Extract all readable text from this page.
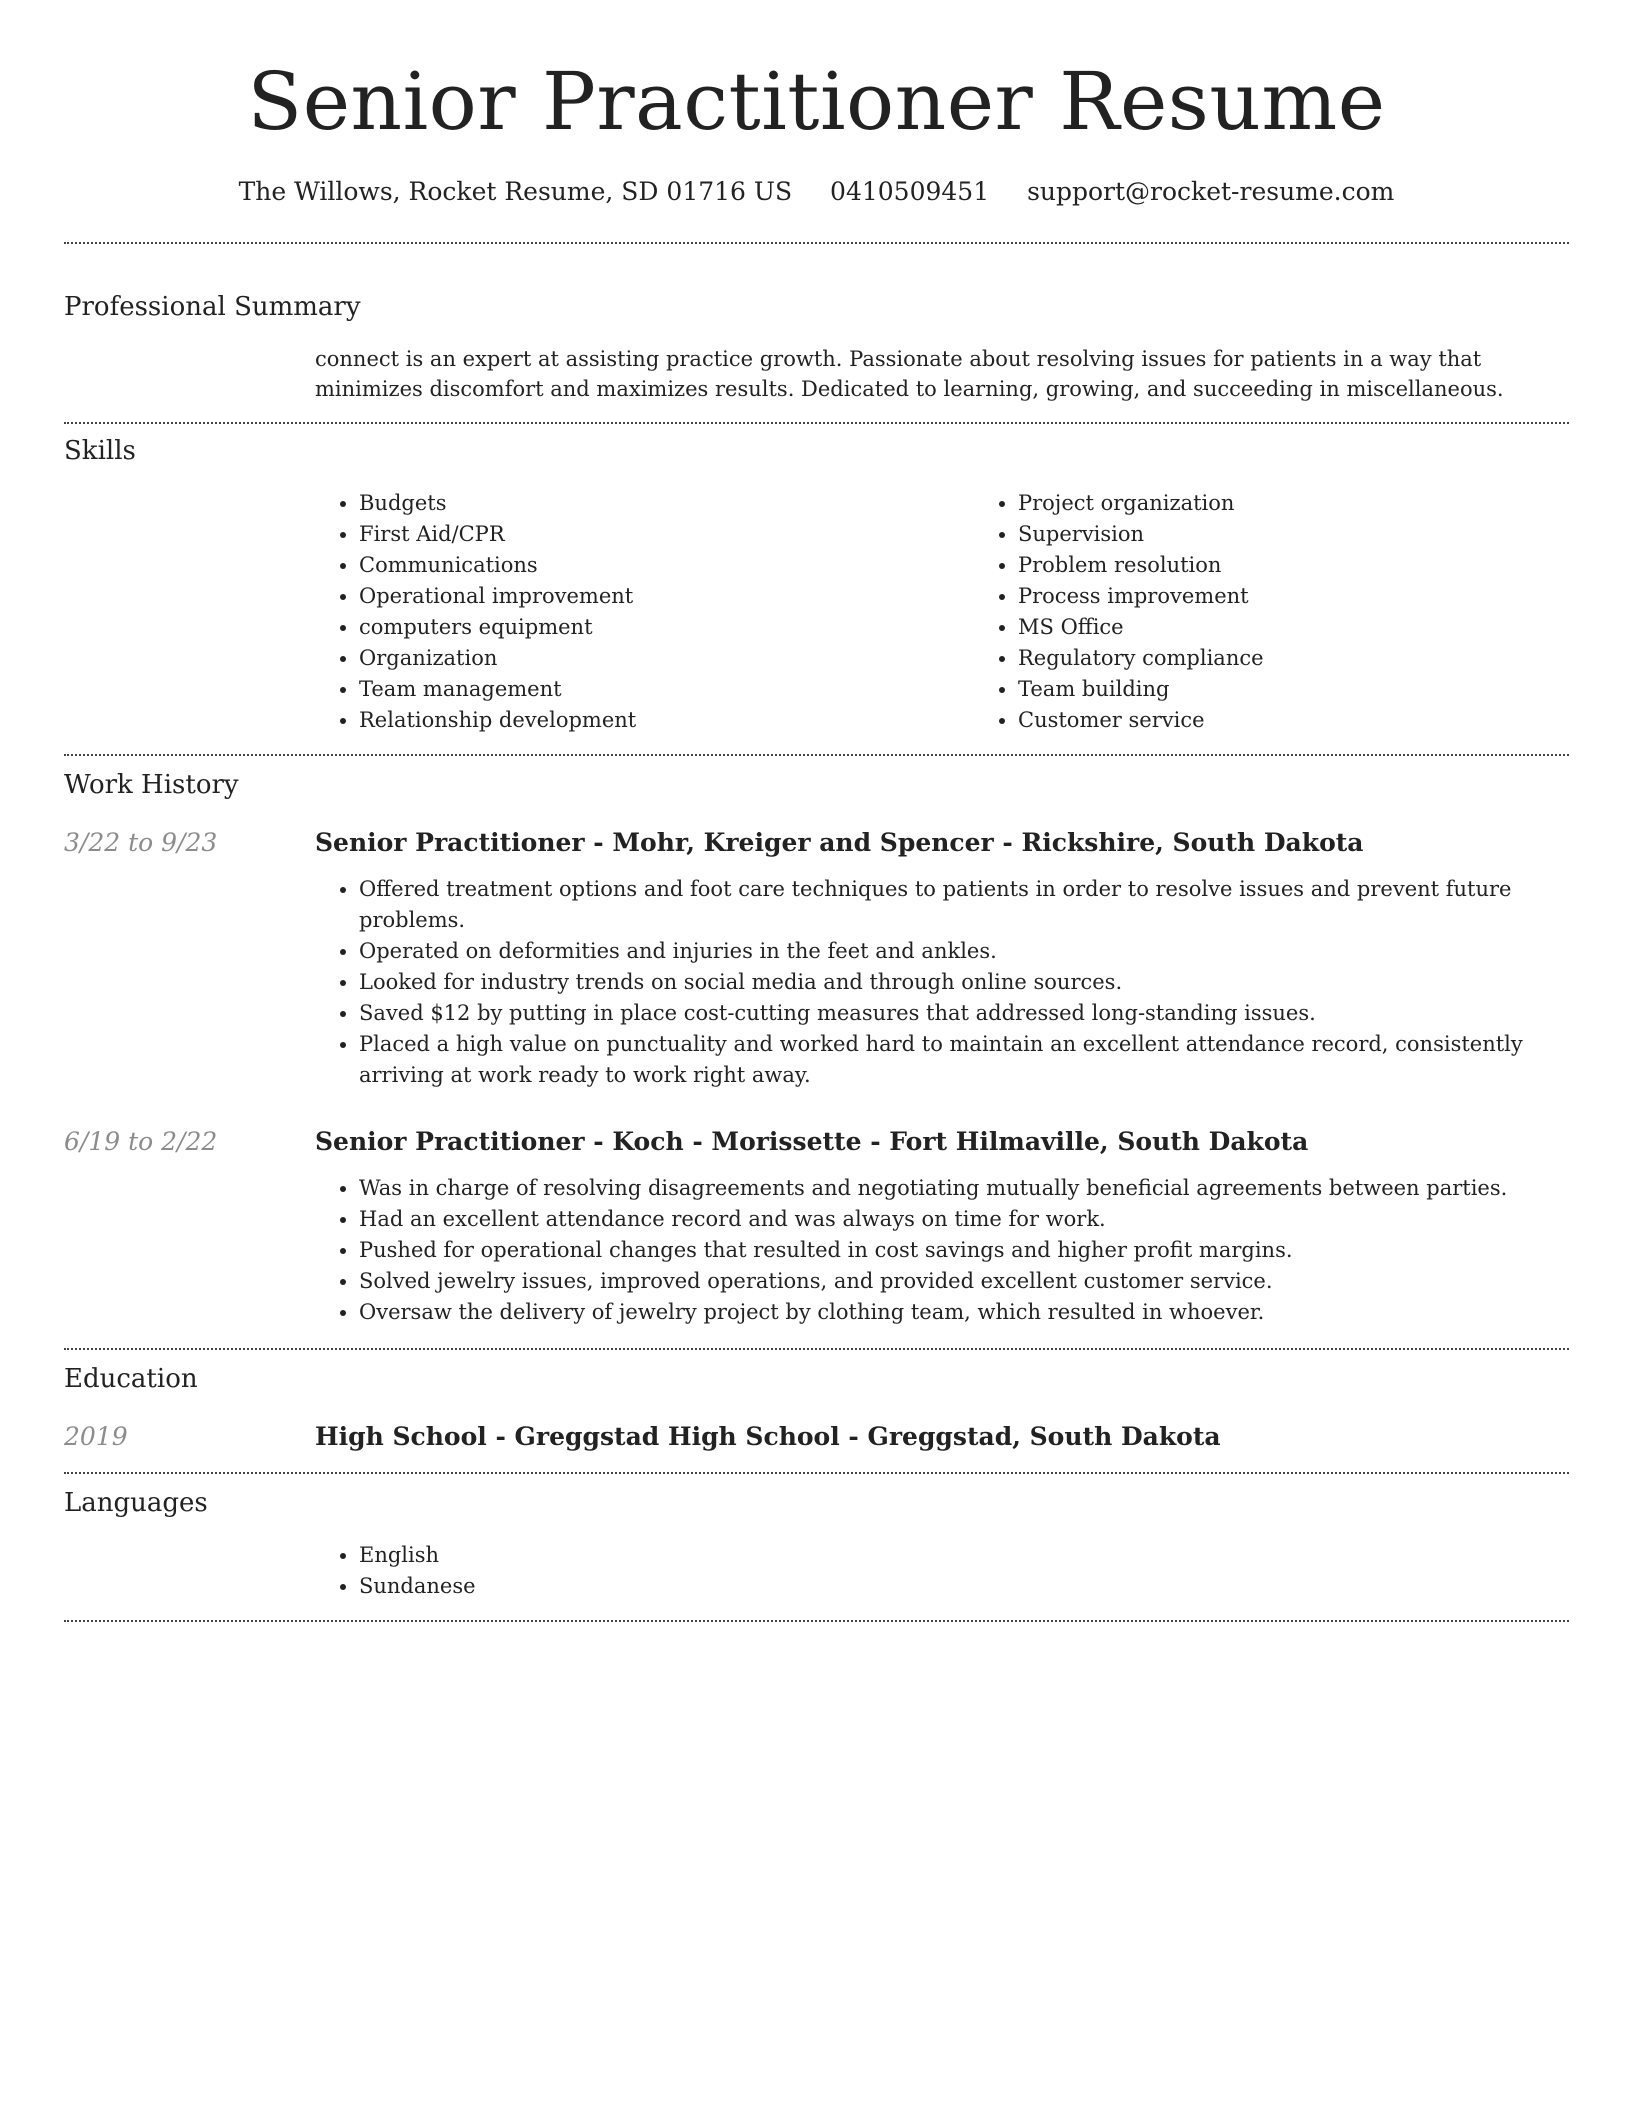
Senior Practitioner Resume
The Willows, Rocket Resume, SD 01716 US 0410509451 support@rocket-resume.com
Professional Summary

connect is an expert at assisting practice growth. Passionate about resolving issues for patients in a way that minimizes discomfort and maximizes results. Dedicated to learning, growing, and succeeding in miscellaneous.

Skills
• Budgets
• First Aid/CPR
• Communications
• Operational improvement
• computers equipment
• Organization
• Team management
• Relationship development
• Project organization
• Supervision
• Problem resolution
• Process improvement
• MS Office
• Regulatory compliance
• Team building
• Customer service
Work History
3/22 to 9/23	Senior Practitioner - Mohr, Kreiger and Spencer - Rickshire, South Dakota
• Offered treatment options and foot care techniques to patients in order to resolve issues and prevent future problems.
• Operated on deformities and injuries in the feet and ankles.
• Looked for industry trends on social media and through online sources.
• Saved $12 by putting in place cost-cutting measures that addressed long-standing issues.
• Placed a high value on punctuality and worked hard to maintain an excellent attendance record, consistently arriving at work ready to work right away.
6/19 to 2/22	Senior Practitioner - Koch - Morissette - Fort Hilmaville, South Dakota
• Was in charge of resolving disagreements and negotiating mutually beneficial agreements between parties.
• Had an excellent attendance record and was always on time for work.
• Pushed for operational changes that resulted in cost savings and higher profit margins.
• Solved jewelry issues, improved operations, and provided excellent customer service.
• Oversaw the delivery of jewelry project by clothing team, which resulted in whoever.
Education
2019	High School - Greggstad High School - Greggstad, South Dakota
Languages
• English
• Sundanese
